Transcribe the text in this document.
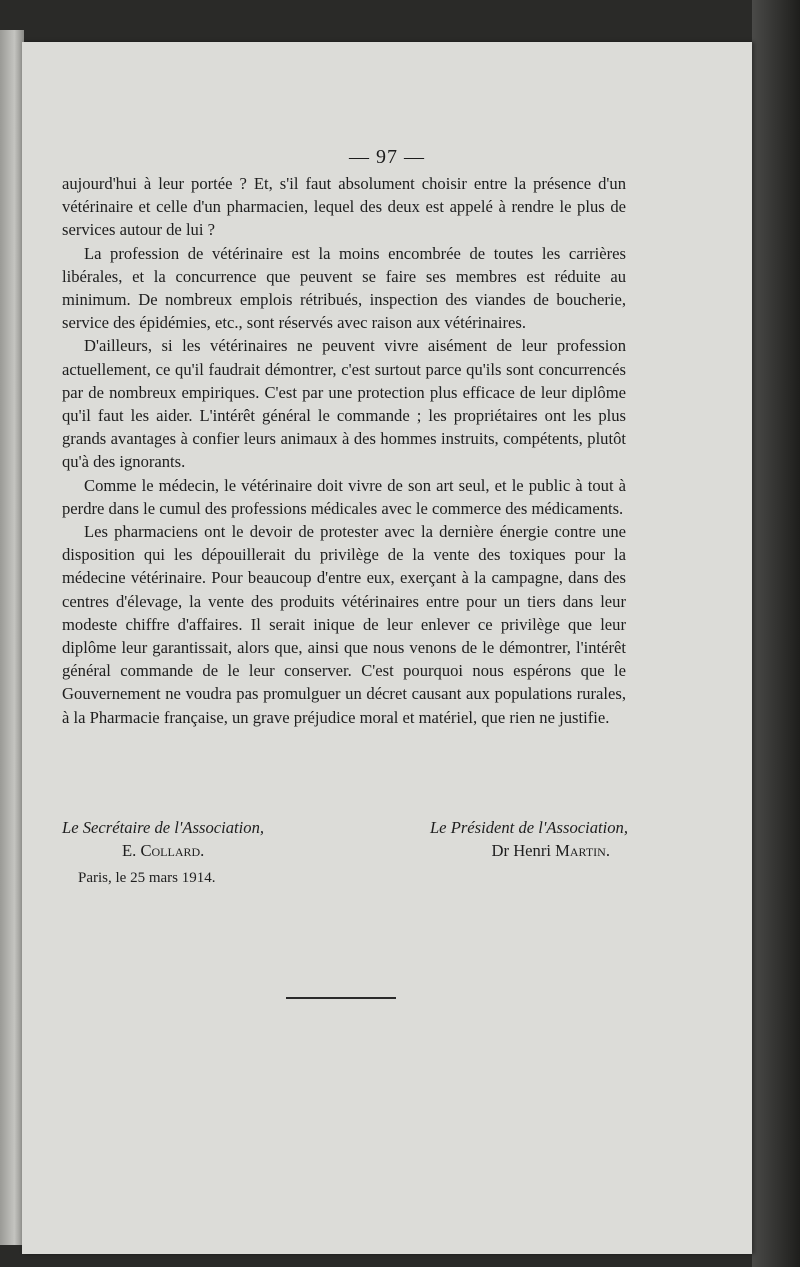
— 97 —

aujourd'hui à leur portée ? Et, s'il faut absolument choisir entre la présence d'un vétérinaire et celle d'un pharmacien, lequel des deux est appelé à rendre le plus de services autour de lui ?

La profession de vétérinaire est la moins encombrée de toutes les carrières libérales, et la concurrence que peuvent se faire ses membres est réduite au minimum. De nombreux emplois rétribués, inspection des viandes de boucherie, service des épidémies, etc., sont réservés avec raison aux vétérinaires.

D'ailleurs, si les vétérinaires ne peuvent vivre aisément de leur profession actuellement, ce qu'il faudrait démontrer, c'est surtout parce qu'ils sont concurrencés par de nombreux empiriques. C'est par une protection plus efficace de leur diplôme qu'il faut les aider. L'intérêt général le commande ; les propriétaires ont les plus grands avantages à confier leurs animaux à des hommes instruits, compétents, plutôt qu'à des ignorants.

Comme le médecin, le vétérinaire doit vivre de son art seul, et le public à tout à perdre dans le cumul des professions médicales avec le commerce des médicaments.

Les pharmaciens ont le devoir de protester avec la dernière énergie contre une disposition qui les dépouillerait du privilège de la vente des toxiques pour la médecine vétérinaire. Pour beaucoup d'entre eux, exerçant à la campagne, dans des centres d'élevage, la vente des produits vétérinaires entre pour un tiers dans leur modeste chiffre d'affaires. Il serait inique de leur enlever ce privilège que leur diplôme leur garantissait, alors que, ainsi que nous venons de le démontrer, l'intérêt général commande de le leur conserver. C'est pourquoi nous espérons que le Gouvernement ne voudra pas promulguer un décret causant aux populations rurales, à la Pharmacie française, un grave préjudice moral et matériel, que rien ne justifie.

Le Secrétaire de l'Association,
E. Collard.
Le Président de l'Association,
Dr Henri Martin.
Paris, le 25 mars 1914.
